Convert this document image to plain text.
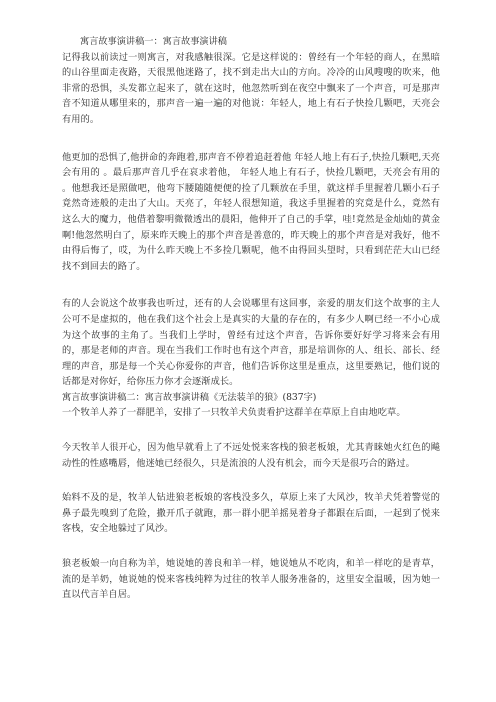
寓言故事演讲稿一：寓言故事演讲稿

记得我以前读过一则寓言，对我感触很深。它是这样说的：曾经有一个年轻的商人，在黑暗的山谷里面走夜路，天很黑他迷路了，找不到走出大山的方向。冷冷的山风嗖嗖的吹来，他非常的恐惧，头发都立起来了，就在这时，他忽然听到在夜空中飘来了一个声音，可是那声音不知道从哪里来的，那声音一遍一遍的对他说：年轻人，地上有石子快捡几颗吧，天亮会有用的。

他更加的恐惧了,他拼命的奔跑着,那声音不停着追赶着他 年轻人地上有石子,快捡几颗吧,天亮会有用的 。最后那声音几乎在哀求着他， 年轻人地上有石子，快捡几颗吧，天亮会有用的 。他想我还是照做吧，他弯下腰随随便便的捡了几颗放在手里，就这样手里握着几颗小石子竟然奇迹般的走出了大山。天亮了，年轻人很想知道，我这手里握着的究竟是什么，竟然有这么大的魔力，他借着黎明微微透出的晨阳，他伸开了自己的手掌，哇!竟然是金灿灿的黄金啊!他忽然明白了，原来昨天晚上的那个声音是善意的，昨天晚上的那个声音是对我好，他不由得后悔了，哎，为什么昨天晚上不多捡几颗呢，他不由得回头望时，只看到茫茫大山已经找不到回去的路了。

有的人会说这个故事我也听过，还有的人会说哪里有这回事，亲爱的朋友们这个故事的主人公可不是虚拟的，他在我们这个社会上是真实的大量的存在的，有多少人啊已经一不小心成为这个故事的主角了。当我们上学时，曾经有过这个声音，告诉你要好好学习将来会有用的，那是老师的声音。现在当我们工作时也有这个声音，那是培训你的人、组长、部长、经理的声音，那是每一个关心你爱你的声音，他们告诉你这里是重点，这里要熟记，他们说的话都是对你好，给你压力你才会逐渐成长。

寓言故事演讲稿二：寓言故事演讲稿《无法装羊的狼》(837字)

一个牧羊人养了一群肥羊，安排了一只牧羊犬负责看护这群羊在草原上自由地吃草。

今天牧羊人很开心，因为他早就看上了不远处悦来客栈的狼老板娘，尤其青睐她火红色的飚动性的性感嘴唇，他迷她已经很久，只是流浪的人没有机会，而今天是很巧合的路过。

始料不及的是，牧羊人钻进狼老板娘的客栈没多久，草原上来了大风沙，牧羊犬凭着警觉的鼻子最先嗅到了危险，撒开爪子就跑，那一群小肥羊摇晃着身子都跟在后面，一起到了悦来客栈，安全地躲过了风沙。

狼老板娘一向自称为羊，她说她的善良和羊一样，她说她从不吃肉，和羊一样吃的是青草，流的是羊奶，她说她的悦来客栈纯粹为过往的牧羊人服务准备的，这里安全温暖，因为她一直以代言羊自居。
